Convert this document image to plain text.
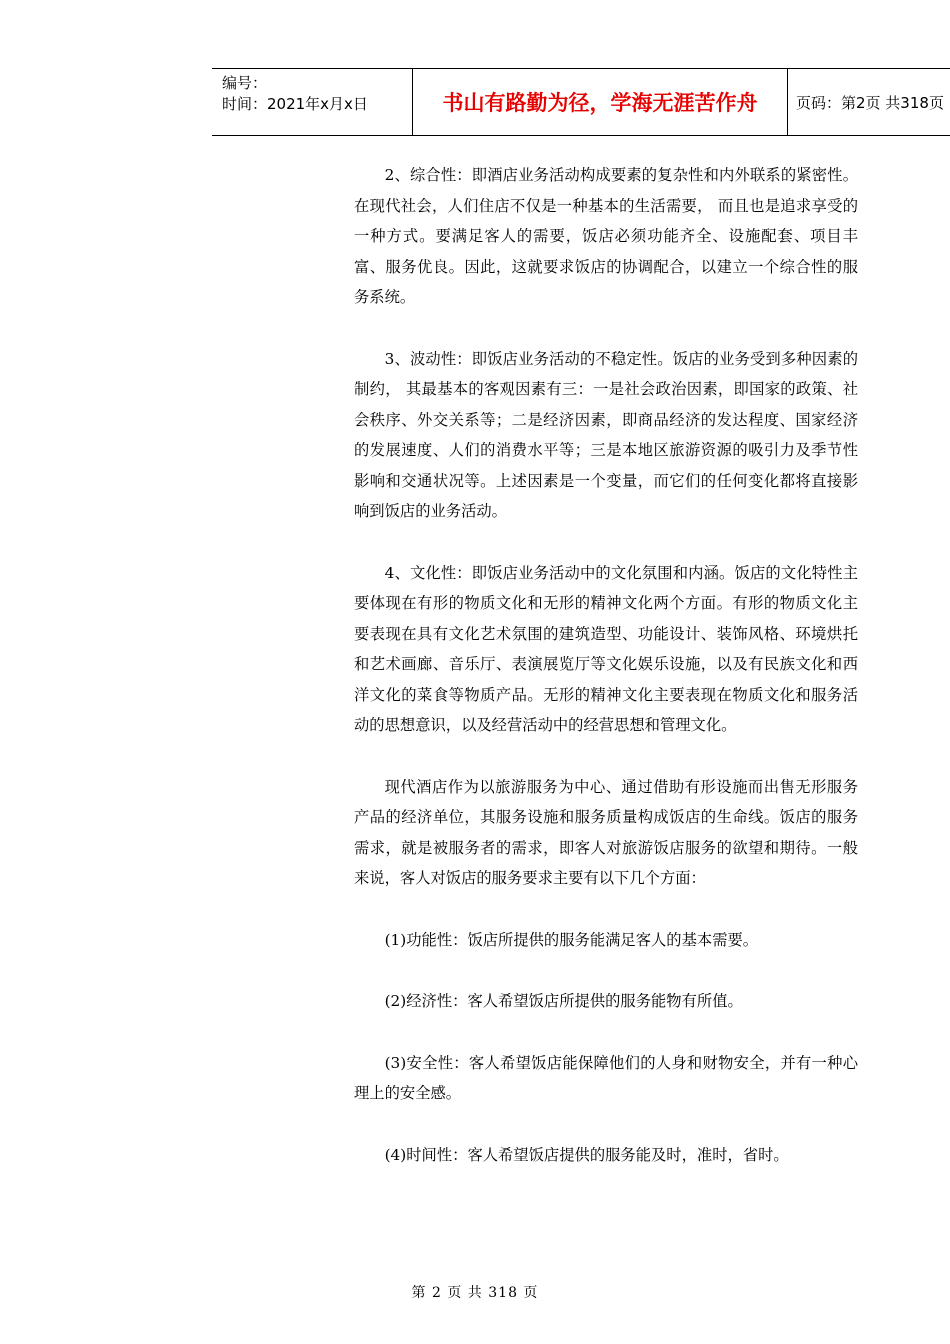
编号：
时间：2021年x月x日	书山有路勤为径，学海无涯苦作舟	页码：第2页 共318页

2、综合性：即酒店业务活动构成要素的复杂性和内外联系的紧密性。在现代社会，人们住店不仅是一种基本的生活需要， 而且也是追求享受的一种方式。要满足客人的需要，饭店必须功能齐全、设施配套、项目丰富、服务优良。因此，这就要求饭店的协调配合，以建立一个综合性的服务系统。

3、波动性：即饭店业务活动的不稳定性。饭店的业务受到多种因素的制约， 其最基本的客观因素有三：一是社会政治因素，即国家的政策、社会秩序、外交关系等；二是经济因素，即商品经济的发达程度、国家经济的发展速度、人们的消费水平等；三是本地区旅游资源的吸引力及季节性影响和交通状况等。上述因素是一个变量，而它们的任何变化都将直接影响到饭店的业务活动。

4、文化性：即饭店业务活动中的文化氛围和内涵。饭店的文化特性主要体现在有形的物质文化和无形的精神文化两个方面。有形的物质文化主要表现在具有文化艺术氛围的建筑造型、功能设计、装饰风格、环境烘托和艺术画廊、音乐厅、表演展览厅等文化娱乐设施，以及有民族文化和西洋文化的菜食等物质产品。无形的精神文化主要表现在物质文化和服务活动的思想意识，以及经营活动中的经营思想和管理文化。

现代酒店作为以旅游服务为中心、通过借助有形设施而出售无形服务产品的经济单位，其服务设施和服务质量构成饭店的生命线。饭店的服务需求，就是被服务者的需求，即客人对旅游饭店服务的欲望和期待。一般来说，客人对饭店的服务要求主要有以下几个方面：

(1)功能性：饭店所提供的服务能满足客人的基本需要。

(2)经济性：客人希望饭店所提供的服务能物有所值。

(3)安全性：客人希望饭店能保障他们的人身和财物安全，并有一种心理上的安全感。

(4)时间性：客人希望饭店提供的服务能及时，准时，省时。

第 2 页 共 318 页
